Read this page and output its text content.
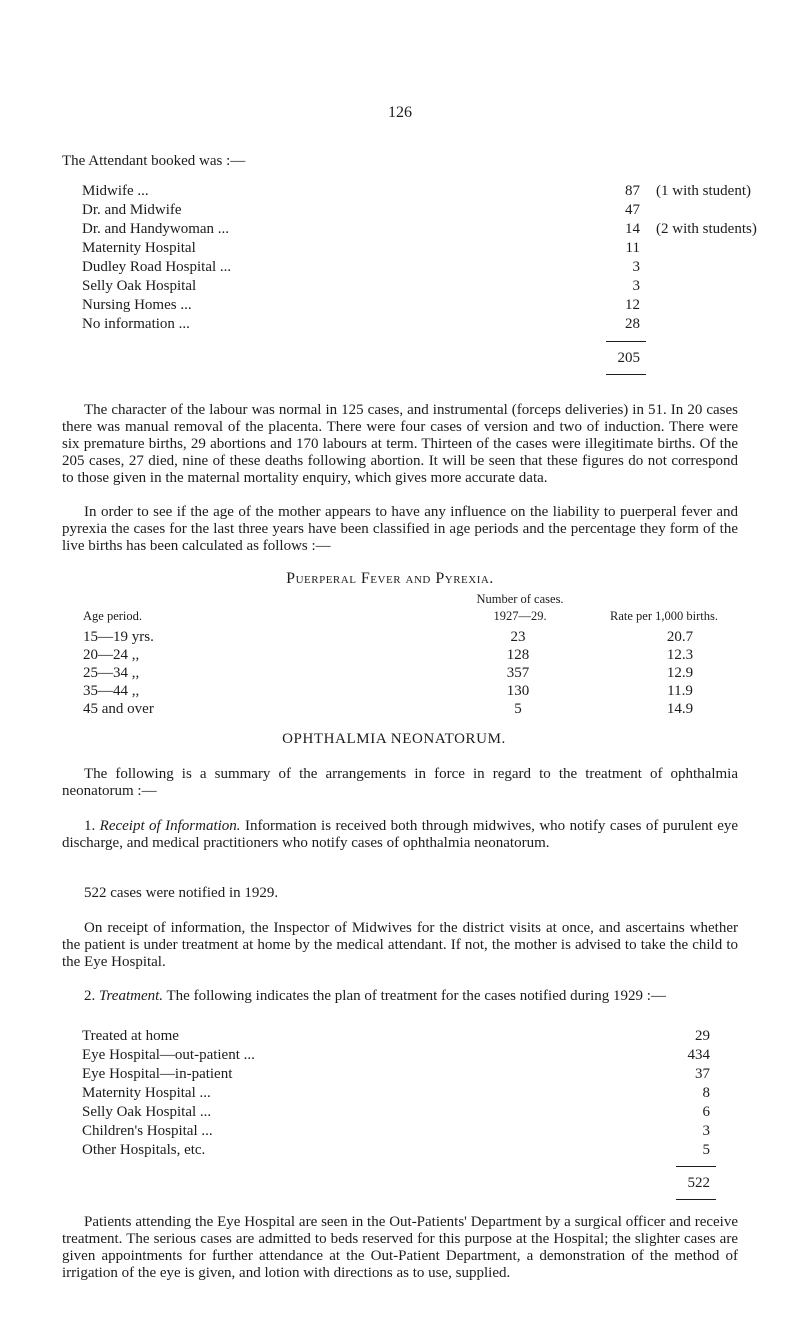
126
The Attendant booked was :—
Midwife ...	87 (1 with student)
Dr. and Midwife	47
Dr. and Handywoman ...	14 (2 with students)
Maternity Hospital	11
Dudley Road Hospital ...	3
Selly Oak Hospital	3
Nursing Homes ...	12
No information ...	28
205

The character of the labour was normal in 125 cases, and instrumental (forceps deliveries) in 51. In 20 cases there was manual removal of the placenta. There were four cases of version and two of induction. There were six premature births, 29 abortions and 170 labours at term. Thirteen of the cases were illegitimate births. Of the 205 cases, 27 died, nine of these deaths following abortion. It will be seen that these figures do not correspond to those given in the maternal mortality enquiry, which gives more accurate data.

In order to see if the age of the mother appears to have any influence on the liability to puerperal fever and pyrexia the cases for the last three years have been classified in age periods and the percentage they form of the live births has been calculated as follows :—

Puerperal Fever and Pyrexia.
Number of cases.
Age period.	1927—29.	Rate per 1,000 births.
15—19 yrs.	23	20.7
20—24 ,,	128	12.3
25—34 ,,	357	12.9
35—44 ,,	130	11.9
45 and over	5	14.9
OPHTHALMIA NEONATORUM.

The following is a summary of the arrangements in force in regard to the treatment of ophthalmia neonatorum :—

1. Receipt of Information. Information is received both through midwives, who notify cases of purulent eye discharge, and medical practitioners who notify cases of ophthalmia neonatorum.

522 cases were notified in 1929.

On receipt of information, the Inspector of Midwives for the district visits at once, and ascertains whether the patient is under treatment at home by the medical attendant. If not, the mother is advised to take the child to the Eye Hospital.

2. Treatment. The following indicates the plan of treatment for the cases notified during 1929 :—

Treated at home	29
Eye Hospital—out-patient ...	434
Eye Hospital—in-patient	37
Maternity Hospital ...	8
Selly Oak Hospital ...	6
Children's Hospital ...	3
Other Hospitals, etc.	5
522

Patients attending the Eye Hospital are seen in the Out-Patients' Department by a surgical officer and receive treatment. The serious cases are admitted to beds reserved for this purpose at the Hospital; the slighter cases are given appointments for further attendance at the Out-Patient Department, a demonstration of the method of irrigation of the eye is given, and lotion with directions as to use, supplied.
